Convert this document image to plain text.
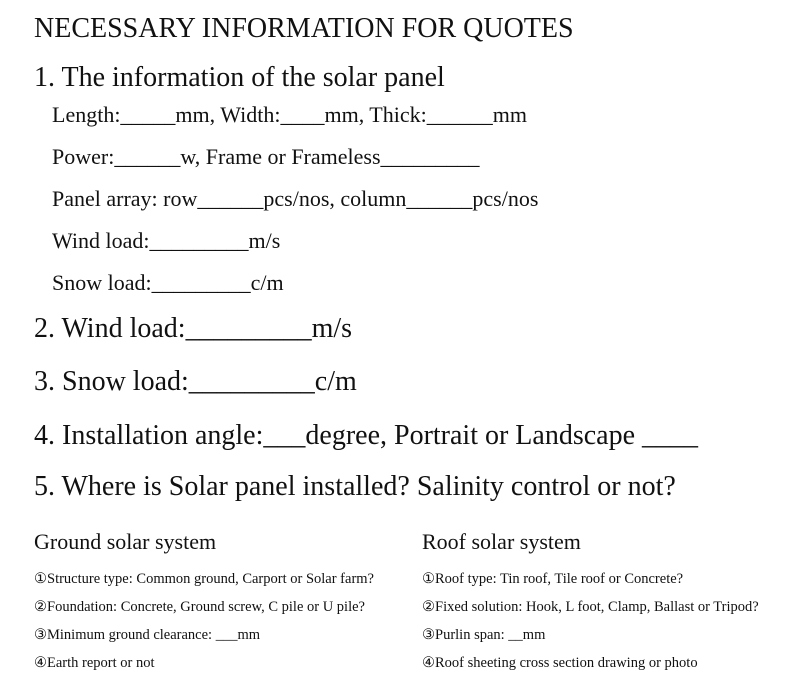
NECESSARY INFORMATION FOR QUOTES
1. The information of the solar panel
Length:_____mm, Width:____mm, Thick:______mm
Power:______w, Frame or Frameless_________
Panel array: row______pcs/nos, column______pcs/nos
Wind load:_________m/s
Snow load:_________c/m
2. Wind load:_________m/s
3. Snow load:_________c/m
4. Installation angle:___degree, Portrait or Landscape ____
5. Where is Solar panel installed? Salinity control or not?
Ground solar system	Roof solar system
①Structure type: Common ground, Carport or Solar farm?
②Foundation: Concrete, Ground screw, C pile or U pile?
③Minimum ground clearance: ___mm
④Earth report or not
①Roof type: Tin roof, Tile roof or Concrete?
②Fixed solution: Hook, L foot, Clamp, Ballast or Tripod?
③Purlin span: __mm
④Roof sheeting cross section drawing or photo
